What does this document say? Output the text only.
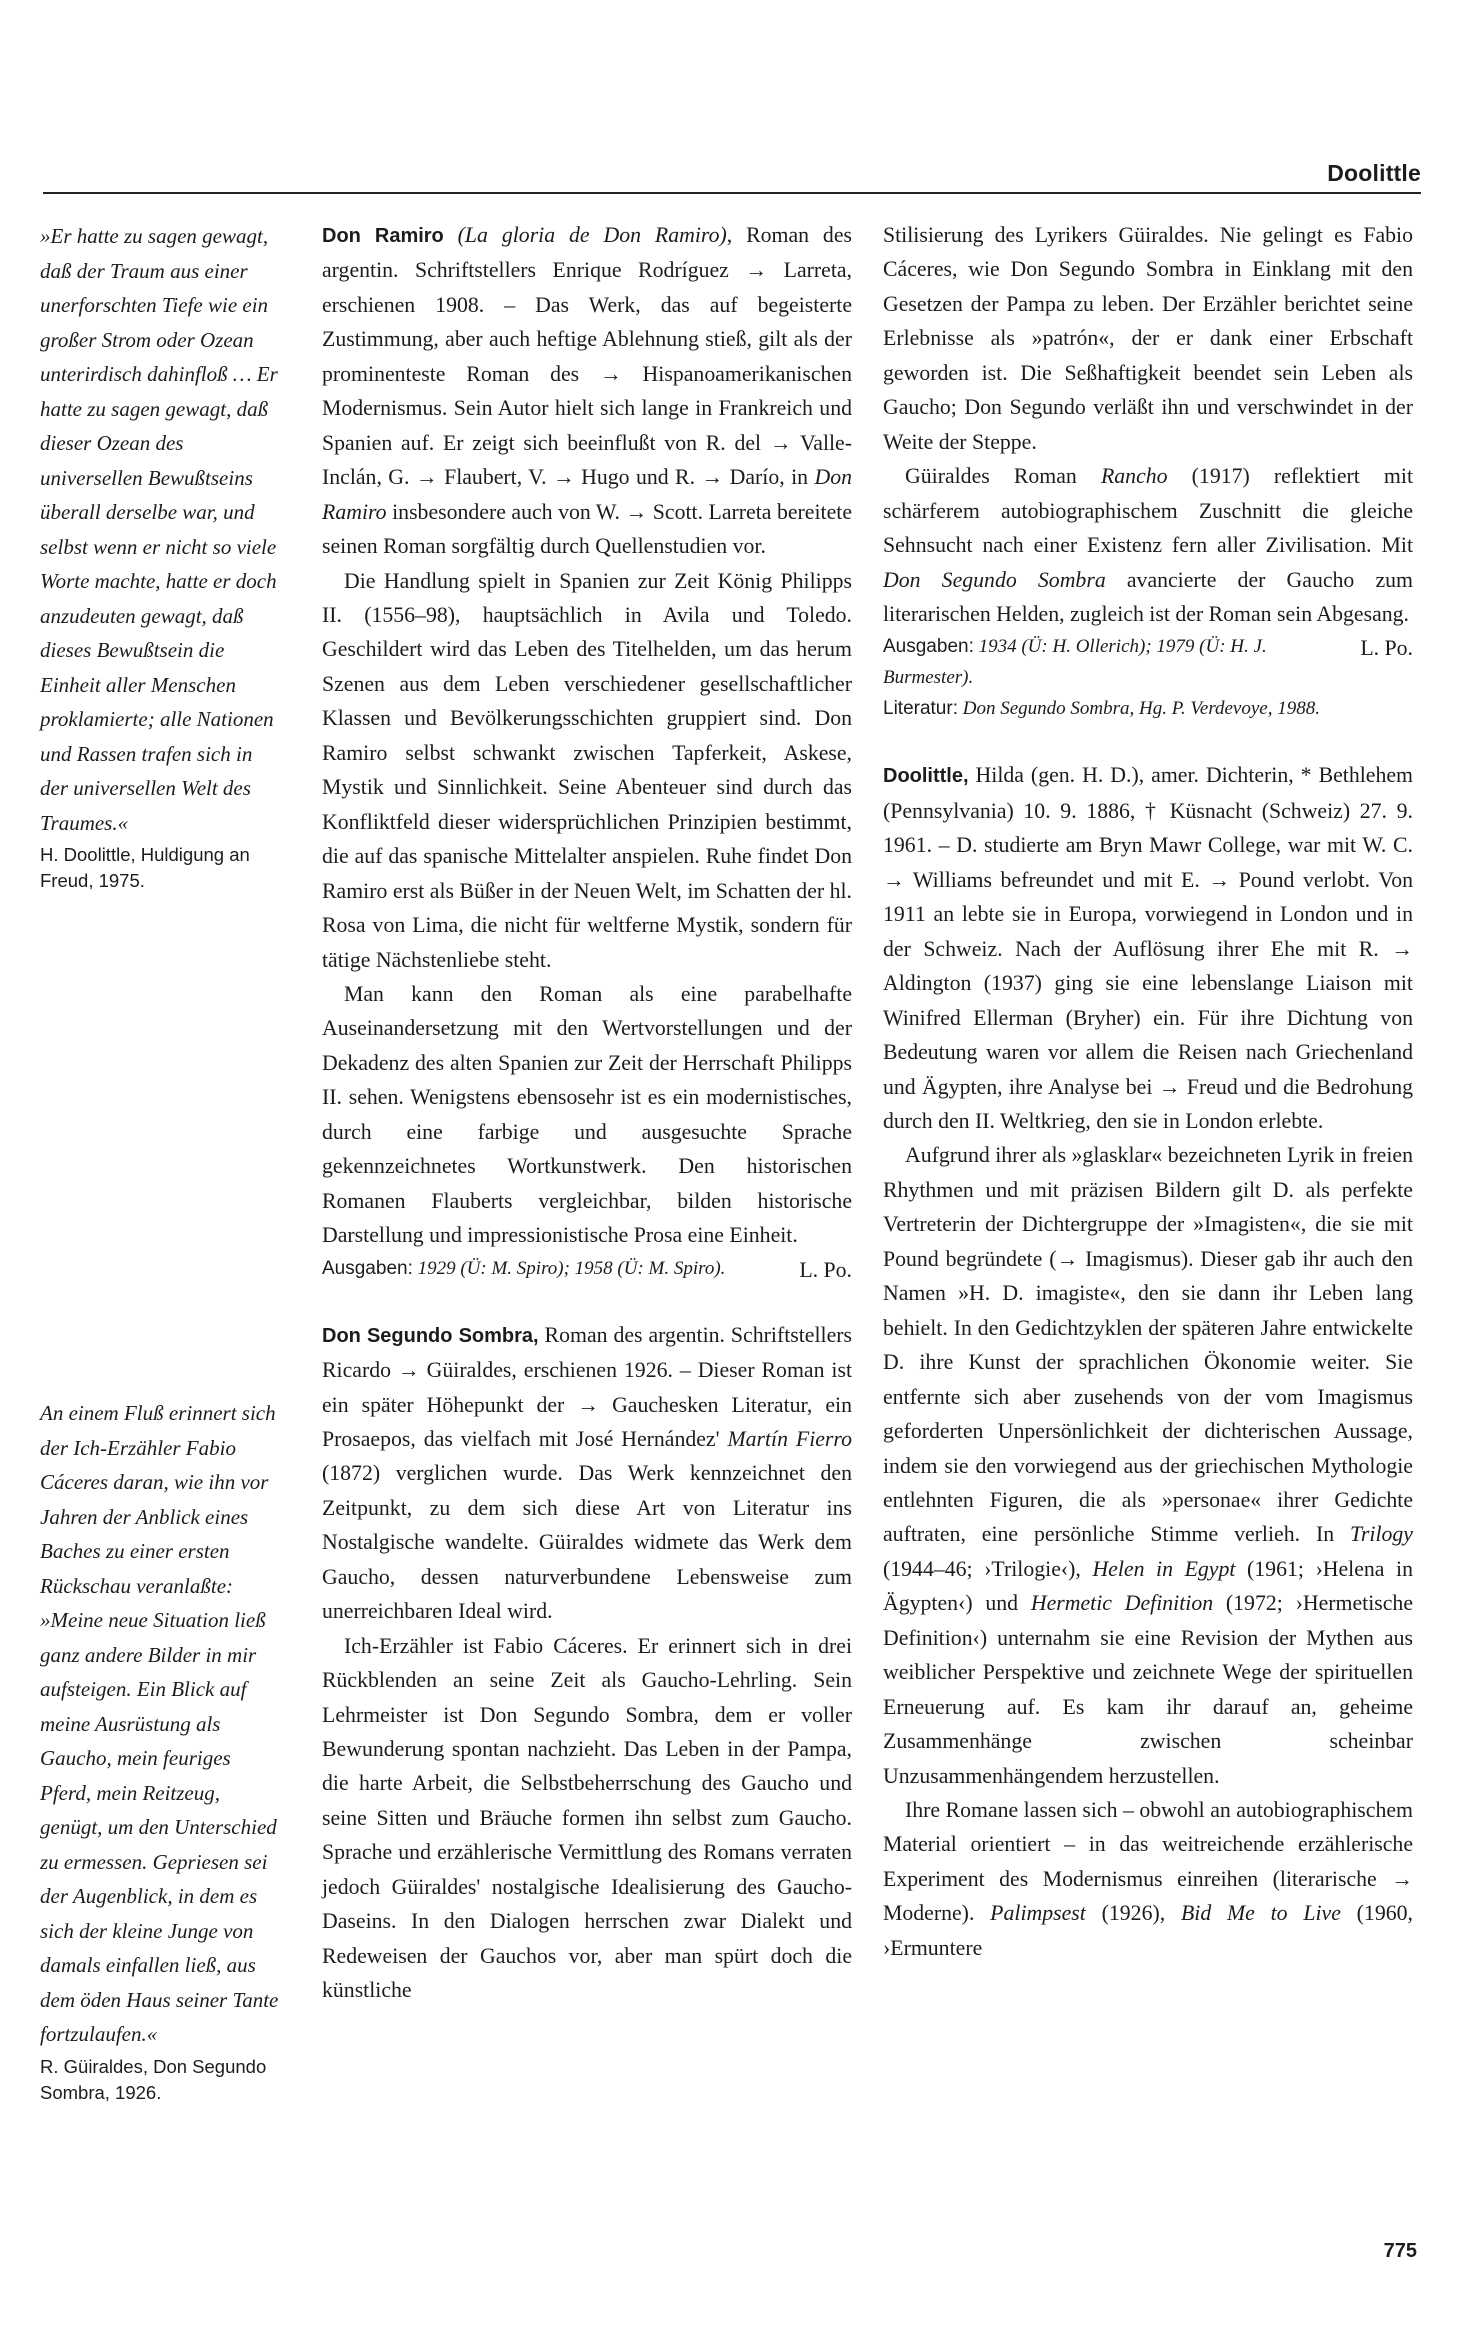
Doolittle

»Er hatte zu sagen gewagt, daß der Traum aus einer unerforschten Tiefe wie ein großer Strom oder Ozean unterirdisch dahinfloß … Er hatte zu sagen gewagt, daß dieser Ozean des universellen Bewußtseins überall derselbe war, und selbst wenn er nicht so viele Worte machte, hatte er doch anzudeuten gewagt, daß dieses Bewußtsein die Einheit aller Menschen proklamierte; alle Nationen und Rassen trafen sich in der universellen Welt des Traumes.«

H. Doolittle, Huldigung an Freud, 1975.

An einem Fluß erinnert sich der Ich-Erzähler Fabio Cáceres daran, wie ihn vor Jahren der Anblick eines Baches zu einer ersten Rückschau veranlaßte:

»Meine neue Situation ließ ganz andere Bilder in mir aufsteigen. Ein Blick auf meine Ausrüstung als Gaucho, mein feuriges Pferd, mein Reitzeug, genügt, um den Unterschied zu ermessen. Gepriesen sei der Augenblick, in dem es sich der kleine Junge von damals einfallen ließ, aus dem öden Haus seiner Tante fortzulaufen.«

R. Güiraldes, Don Segundo Sombra, 1926.

Don Ramiro (La gloria de Don Ramiro), Roman des argentin. Schriftstellers Enrique Rodríguez → Larreta, erschienen 1908. – Das Werk, das auf begeisterte Zustimmung, aber auch heftige Ablehnung stieß, gilt als der prominenteste Roman des → Hispanoamerikanischen Modernismus. Sein Autor hielt sich lange in Frankreich und Spanien auf. Er zeigt sich beeinflußt von R. del → Valle-Inclán, G. → Flaubert, V. → Hugo und R. → Darío, in Don Ramiro insbesondere auch von W. → Scott. Larreta bereitete seinen Roman sorgfältig durch Quellenstudien vor.

Die Handlung spielt in Spanien zur Zeit König Philipps II. (1556–98), hauptsächlich in Avila und Toledo. Geschildert wird das Leben des Titelhelden, um das herum Szenen aus dem Leben verschiedener gesellschaftlicher Klassen und Bevölkerungsschichten gruppiert sind. Don Ramiro selbst schwankt zwischen Tapferkeit, Askese, Mystik und Sinnlichkeit. Seine Abenteuer sind durch das Konfliktfeld dieser widersprüchlichen Prinzipien bestimmt, die auf das spanische Mittelalter anspielen. Ruhe findet Don Ramiro erst als Büßer in der Neuen Welt, im Schatten der hl. Rosa von Lima, die nicht für weltferne Mystik, sondern für tätige Nächstenliebe steht.

Man kann den Roman als eine parabelhafte Auseinandersetzung mit den Wertvorstellungen und der Dekadenz des alten Spanien zur Zeit der Herrschaft Philipps II. sehen. Wenigstens ebensosehr ist es ein modernistisches, durch eine farbige und ausgesuchte Sprache gekennzeichnetes Wortkunstwerk. Den historischen Romanen Flauberts vergleichbar, bilden historische Darstellung und impressionistische Prosa eine Einheit.
L. Po.

Ausgaben: 1929 (Ü: M. Spiro); 1958 (Ü: M. Spiro).

Don Segundo Sombra, Roman des argentin. Schriftstellers Ricardo → Güiraldes, erschienen 1926. – Dieser Roman ist ein später Höhepunkt der → Gauchesken Literatur, ein Prosaepos, das vielfach mit José Hernández' Martín Fierro (1872) verglichen wurde. Das Werk kennzeichnet den Zeitpunkt, zu dem sich diese Art von Literatur ins Nostalgische wandelte. Güiraldes widmete das Werk dem Gaucho, dessen naturverbundene Lebensweise zum unerreichbaren Ideal wird.

Ich-Erzähler ist Fabio Cáceres. Er erinnert sich in drei Rückblenden an seine Zeit als Gaucho-Lehrling. Sein Lehrmeister ist Don Segundo Sombra, dem er voller Bewunderung spontan nachzieht. Das Leben in der Pampa, die harte Arbeit, die Selbstbeherrschung des Gaucho und seine Sitten und Bräuche formen ihn selbst zum Gaucho. Sprache und erzählerische Vermittlung des Romans verraten jedoch Güiraldes' nostalgische Idealisierung des Gaucho-Daseins. In den Dialogen herrschen zwar Dialekt und Redeweisen der Gauchos vor, aber man spürt doch die künstliche

Stilisierung des Lyrikers Güiraldes. Nie gelingt es Fabio Cáceres, wie Don Segundo Sombra in Einklang mit den Gesetzen der Pampa zu leben. Der Erzähler berichtet seine Erlebnisse als »patrón«, der er dank einer Erbschaft geworden ist. Die Seßhaftigkeit beendet sein Leben als Gaucho; Don Segundo verläßt ihn und verschwindet in der Weite der Steppe.

Güiraldes Roman Rancho (1917) reflektiert mit schärferem autobiographischem Zuschnitt die gleiche Sehnsucht nach einer Existenz fern aller Zivilisation. Mit Don Segundo Sombra avancierte der Gaucho zum literarischen Helden, zugleich ist der Roman sein Abgesang.
L. Po.

Ausgaben: 1934 (Ü: H. Ollerich); 1979 (Ü: H. J. Burmester).

Literatur: Don Segundo Sombra, Hg. P. Verdevoye, 1988.

Doolittle, Hilda (gen. H. D.), amer. Dichterin, * Bethlehem (Pennsylvania) 10. 9. 1886, † Küsnacht (Schweiz) 27. 9. 1961. – D. studierte am Bryn Mawr College, war mit W. C. → Williams befreundet und mit E. → Pound verlobt. Von 1911 an lebte sie in Europa, vorwiegend in London und in der Schweiz. Nach der Auflösung ihrer Ehe mit R. → Aldington (1937) ging sie eine lebenslange Liaison mit Winifred Ellerman (Bryher) ein. Für ihre Dichtung von Bedeutung waren vor allem die Reisen nach Griechenland und Ägypten, ihre Analyse bei → Freud und die Bedrohung durch den II. Weltkrieg, den sie in London erlebte.

Aufgrund ihrer als »glasklar« bezeichneten Lyrik in freien Rhythmen und mit präzisen Bildern gilt D. als perfekte Vertreterin der Dichtergruppe der »Imagisten«, die sie mit Pound begründete (→ Imagismus). Dieser gab ihr auch den Namen »H. D. imagiste«, den sie dann ihr Leben lang behielt. In den Gedichtzyklen der späteren Jahre entwickelte D. ihre Kunst der sprachlichen Ökonomie weiter. Sie entfernte sich aber zusehends von der vom Imagismus geforderten Unpersönlichkeit der dichterischen Aussage, indem sie den vorwiegend aus der griechischen Mythologie entlehnten Figuren, die als »personae« ihrer Gedichte auftraten, eine persönliche Stimme verlieh. In Trilogy (1944–46; ›Trilogie‹), Helen in Egypt (1961; ›Helena in Ägypten‹) und Hermetic Definition (1972; ›Hermetische Definition‹) unternahm sie eine Revision der Mythen aus weiblicher Perspektive und zeichnete Wege der spirituellen Erneuerung auf. Es kam ihr darauf an, geheime Zusammenhänge zwischen scheinbar Unzusammenhängendem herzustellen.

Ihre Romane lassen sich – obwohl an autobiographischem Material orientiert – in das weitreichende erzählerische Experiment des Modernismus einreihen (literarische → Moderne). Palimpsest (1926), Bid Me to Live (1960, ›Ermuntere

775
